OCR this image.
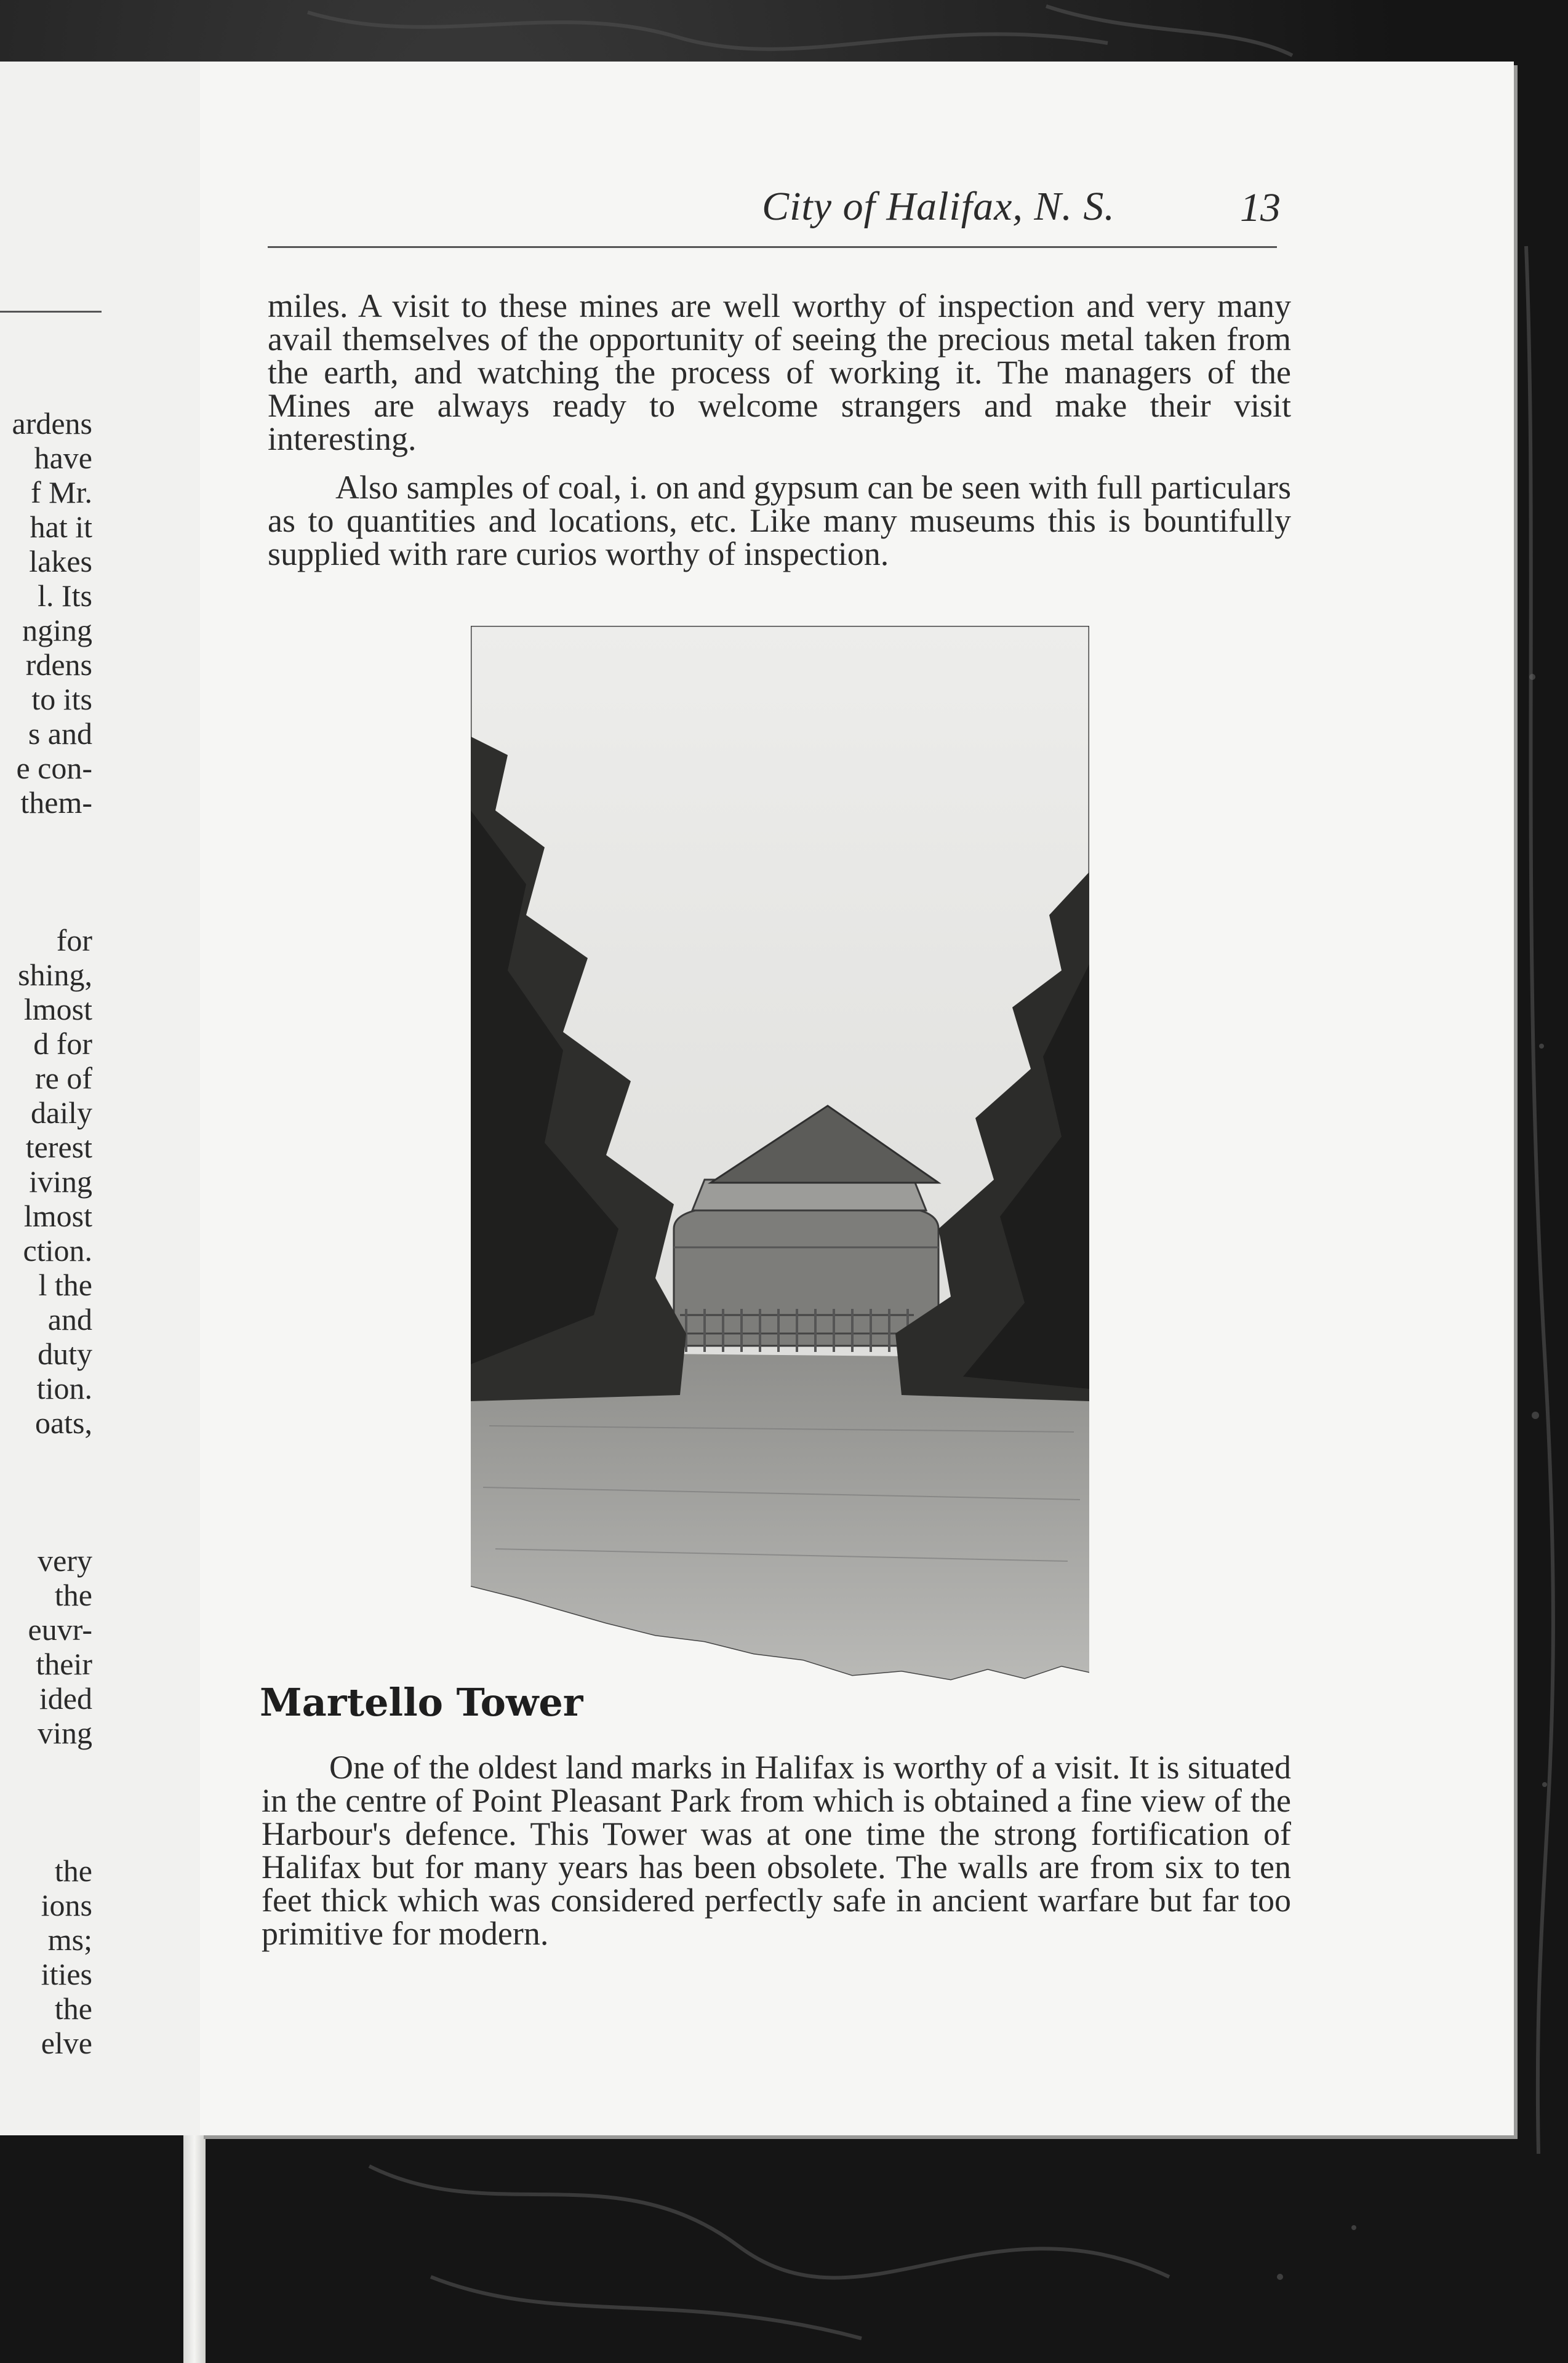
ardens
have
f Mr.
hat it
lakes
l. Its
nging
rdens
to its
s and
e con-
them-

for
shing,
lmost
d for
re of
daily
terest
iving
lmost
ction.
l the
and
duty
tion.
oats,

very
the
euvr-
their
ided
ving

the
ions
ms;
ities
the
elve
City of Halifax, N. S.	13
miles. A visit to these mines are well worthy of inspection and very many avail themselves of the opportunity of seeing the precious metal taken from the earth, and watching the process of working it. The managers of the Mines are always ready to welcome strangers and make their visit interesting.
Also samples of coal, i. on and gypsum can be seen with full particulars as to quantities and locations, etc. Like many museums this is bountifully supplied with rare curios worthy of inspection.
Martello Tower
One of the oldest land marks in Halifax is worthy of a visit. It is situated in the centre of Point Pleasant Park from which is obtained a fine view of the Harbour's defence. This Tower was at one time the strong fortification of Halifax but for many years has been obsolete. The walls are from six to ten feet thick which was considered perfectly safe in ancient warfare but far too primitive for modern.
